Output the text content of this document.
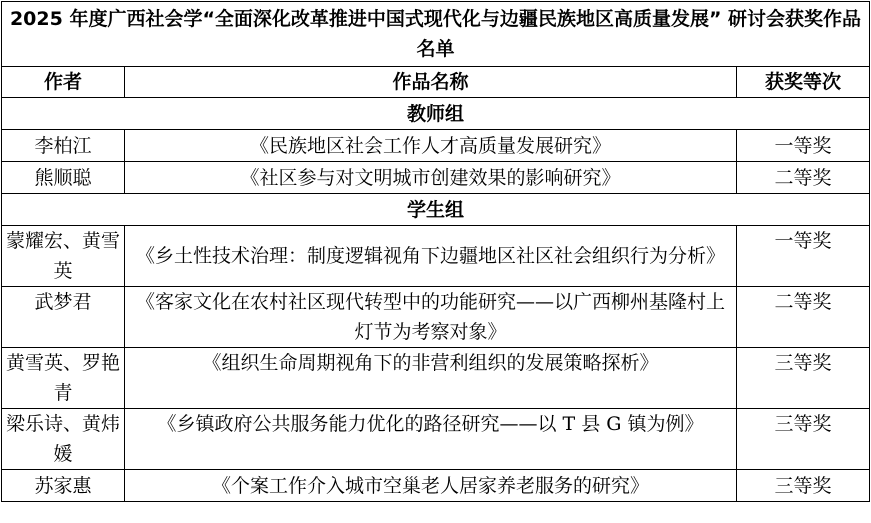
2025 年度广西社会学“全面深化改革推进中国式现代化与边疆民族地区高质量发展” 研讨会获奖作品名单		
作者	作品名称	获奖等次
教师组		
李柏江	《民族地区社会工作人才高质量发展研究》	一等奖
熊顺聪	《社区参与对文明城市创建效果的影响研究》	二等奖
学生组		
蒙耀宏、黄雪英	《乡土性技术治理：制度逻辑视角下边疆地区社区社会组织行为分析》	一等奖
武梦君	《客家文化在农村社区现代转型中的功能研究——以广西柳州基隆村上灯节为考察对象》	二等奖
黄雪英、罗艳青	《组织生命周期视角下的非营利组织的发展策略探析》	三等奖
梁乐诗、黄炜媛	《乡镇政府公共服务能力优化的路径研究——以 T 县 G 镇为例》	三等奖
苏家惠	《个案工作介入城市空巢老人居家养老服务的研究》	三等奖
